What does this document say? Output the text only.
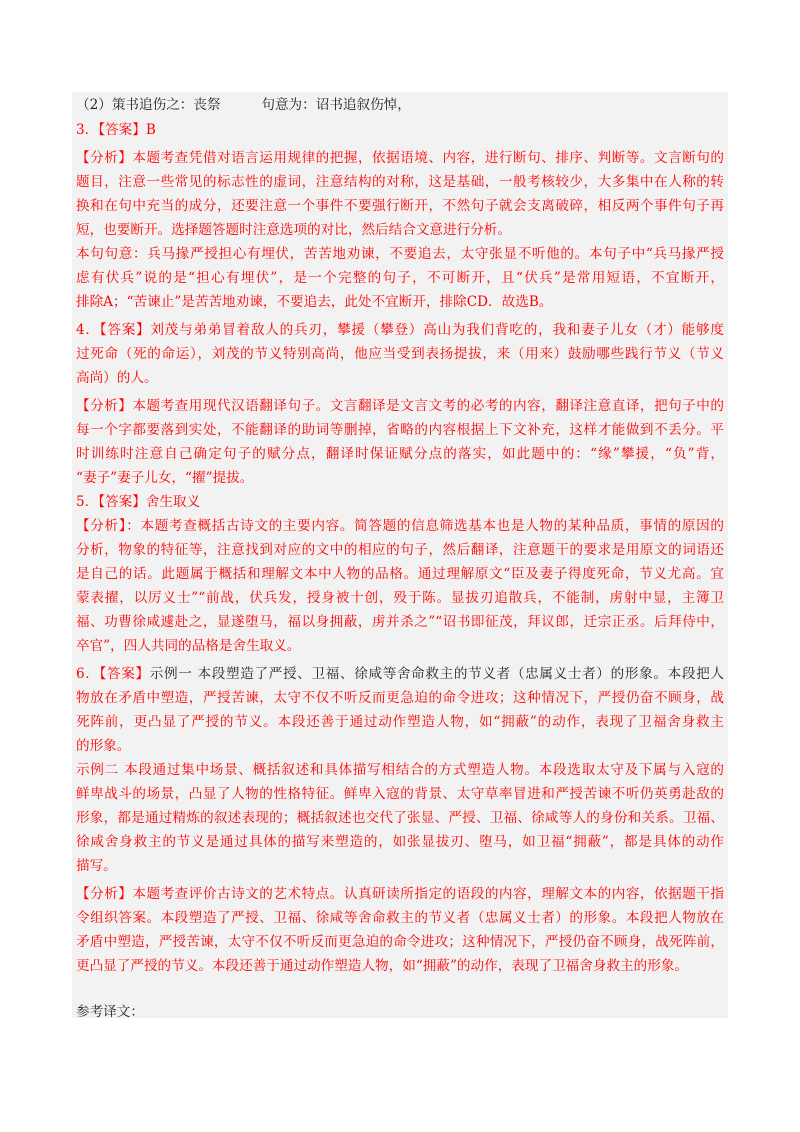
（2）策书追伤之：丧祭　　　句意为：诏书追叙伤悼，
3．【答案】B
【分析】本题考查凭借对语言运用规律的把握，依据语境、内容，进行断句、排序、判断等。文言断句的
题目，注意一些常见的标志性的虚词，注意结构的对称，这是基础，一般考核较少，大多集中在人称的转
换和在句中充当的成分，还要注意一个事件不要强行断开，不然句子就会支离破碎，相反两个事件句子再
短，也要断开。选择题答题时注意选项的对比，然后结合文意进行分析。
本句句意：兵马掾严授担心有埋伏，苦苦地劝谏，不要追去，太守张显不听他的。本句子中“兵马掾严授
虑有伏兵”说的是“担心有埋伏”，是一个完整的句子，不可断开，且“伏兵”是常用短语，不宜断开，
排除A；“苦谏止”是苦苦地劝谏，不要追去，此处不宜断开，排除CD．故选B。
4．【答案】刘茂与弟弟冒着敌人的兵刃，攀援（攀登）高山为我们背吃的，我和妻子儿女（才）能够度
过死命（死的命运），刘茂的节义特别高尚，他应当受到表扬提拔，来（用来）鼓励哪些践行节义（节义
高尚）的人。
【分析】本题考查用现代汉语翻译句子。文言翻译是文言文考的必考的内容，翻译注意直译，把句子中的
每一个字都要落到实处，不能翻译的助词等删掉，省略的内容根据上下文补充，这样才能做到不丢分。平
时训练时注意自己确定句子的赋分点，翻译时保证赋分点的落实，如此题中的：“缘”攀援，“负”背，
“妻子”妻子儿女，“擢”提拔。
5．【答案】舍生取义
【分析】：本题考查概括古诗文的主要内容。简答题的信息筛选基本也是人物的某种品质，事情的原因的
分析，物象的特征等，注意找到对应的文中的相应的句子，然后翻译，注意题干的要求是用原文的词语还
是自己的话。此题属于概括和理解文本中人物的品格。通过理解原文“臣及妻子得度死命，节义尤高。宜
蒙表擢，以厉义士”“前战，伏兵发，授身被十创，殁于陈。显拔刃追散兵，不能制，虏射中显，主簿卫
福、功曹徐咸遽赴之，显遂堕马，福以身拥蔽，虏并杀之”“诏书即征茂，拜议郎，迁宗正丞。后拜侍中，
卒官”，四人共同的品格是舍生取义。
6．【答案】示例一 本段塑造了严授、卫福、徐咸等舍命救主的节义者（忠属义士者）的形象。本段把人
物放在矛盾中塑造，严授苦谏，太守不仅不听反而更急迫的命令进攻；这种情况下，严授仍奋不顾身，战
死阵前，更凸显了严授的节义。本段还善于通过动作塑造人物，如“拥蔽”的动作，表现了卫福舍身救主
的形象。
示例二 本段通过集中场景、概括叙述和具体描写相结合的方式塑造人物。本段选取太守及下属与入寇的
鲜卑战斗的场景，凸显了人物的性格特征。鲜卑入寇的背景、太守草率冒进和严授苦谏不听仍英勇赴敌的
形象，都是通过精炼的叙述表现的；概括叙述也交代了张显、严授、卫福、徐咸等人的身份和关系。卫福、
徐咸舍身救主的节义是通过具体的描写来塑造的，如张显拔刃、堕马，如卫福“拥蔽”，都是具体的动作
描写。
【分析】本题考查评价古诗文的艺术特点。认真研读所指定的语段的内容，理解文本的内容，依据题干指
令组织答案。本段塑造了严授、卫福、徐咸等舍命救主的节义者（忠属义士者）的形象。本段把人物放在
矛盾中塑造，严授苦谏，太守不仅不听反而更急迫的命令进攻；这种情况下，严授仍奋不顾身，战死阵前，
更凸显了严授的节义。本段还善于通过动作塑造人物，如“拥蔽”的动作，表现了卫福舍身救主的形象。
参考译文：
